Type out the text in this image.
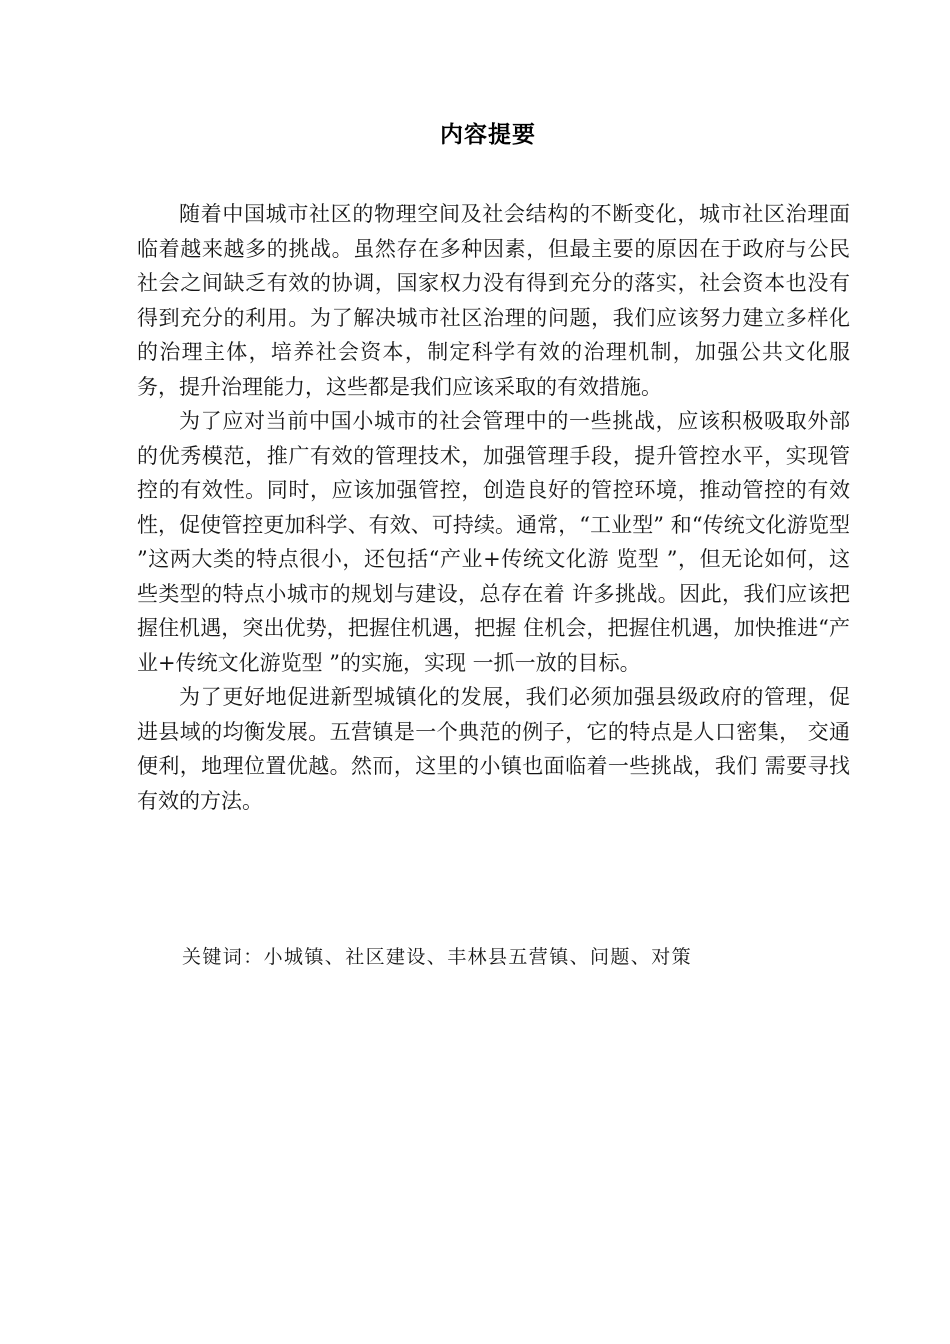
内容提要

随着中国城市社区的物理空间及社会结构的不断变化，城市社区治理面临着越来越多的挑战。虽然存在多种因素，但最主要的原因在于政府与公民社会之间缺乏有效的协调，国家权力没有得到充分的落实，社会资本也没有得到充分的利用。为了解决城市社区治理的问题，我们应该努力建立多样化的治理主体，培养社会资本，制定科学有效的治理机制，加强公共文化服务，提升治理能力，这些都是我们应该采取的有效措施。

为了应对当前中国小城市的社会管理中的一些挑战，应该积极吸取外部的优秀模范，推广有效的管理技术，加强管理手段，提升管控水平，实现管控的有效性。同时，应该加强管控，创造良好的管控环境，推动管控的有效性，促使管控更加科学、有效、可持续。通常，“工业型” 和“传统文化游览型 ”这两大类的特点很小，还包括“产业+传统文化游 览型 ”，但无论如何，这些类型的特点小城市的规划与建设，总存在着 许多挑战。因此，我们应该把握住机遇，突出优势，把握住机遇，把握 住机会，把握住机遇，加快推进“产业+传统文化游览型 ”的实施，实现 一抓一放的目标。

为了更好地促进新型城镇化的发展，我们必须加强县级政府的管理，促进县域的均衡发展。五营镇是一个典范的例子，它的特点是人口密集， 交通便利，地理位置优越。然而，这里的小镇也面临着一些挑战，我们 需要寻找有效的方法。

关键词：小城镇、社区建设、丰林县五营镇、问题、对策
